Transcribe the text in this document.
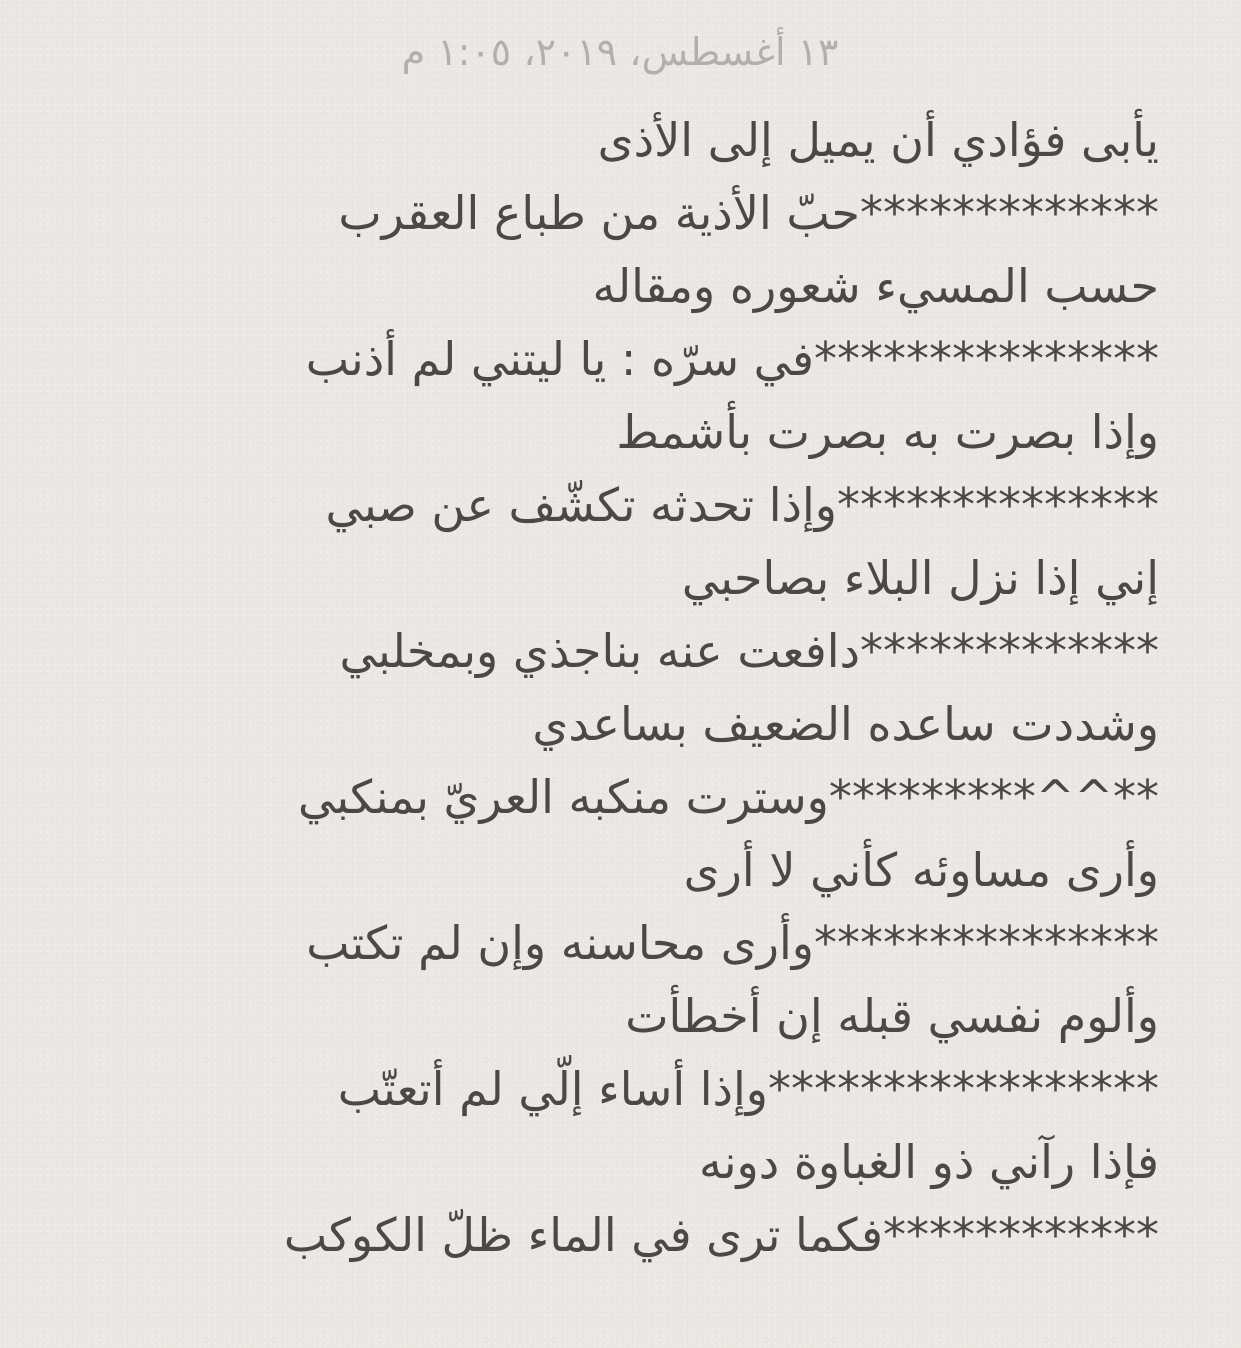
١٣ أغسطس، ٢٠١٩، ١:٠٥ م
يأبى فؤادي أن يميل إلى الأذى
*************حبّ الأذية من طباع العقرب
حسب المسيء شعوره ومقاله
***************في سرّه : يا ليتني لم أذنب
وإذا بصرت به بصرت بأشمط
**************وإذا تحدثه تكشّف عن صبي
إني إذا نزل البلاء بصاحبي
*************دافعت عنه بناجذي وبمخلبي
وشددت ساعده الضعيف بساعدي
**^^*********وسترت منكبه العريّ بمنكبي
وأرى مساوئه كأني لا أرى
***************وأرى محاسنه وإن لم تكتب
وألوم نفسي قبله إن أخطأت
*****************وإذا أساء إلّي لم أتعتّب
فإذا رآني ذو الغباوة دونه
************فكما ترى في الماء ظلّ الكوكب
